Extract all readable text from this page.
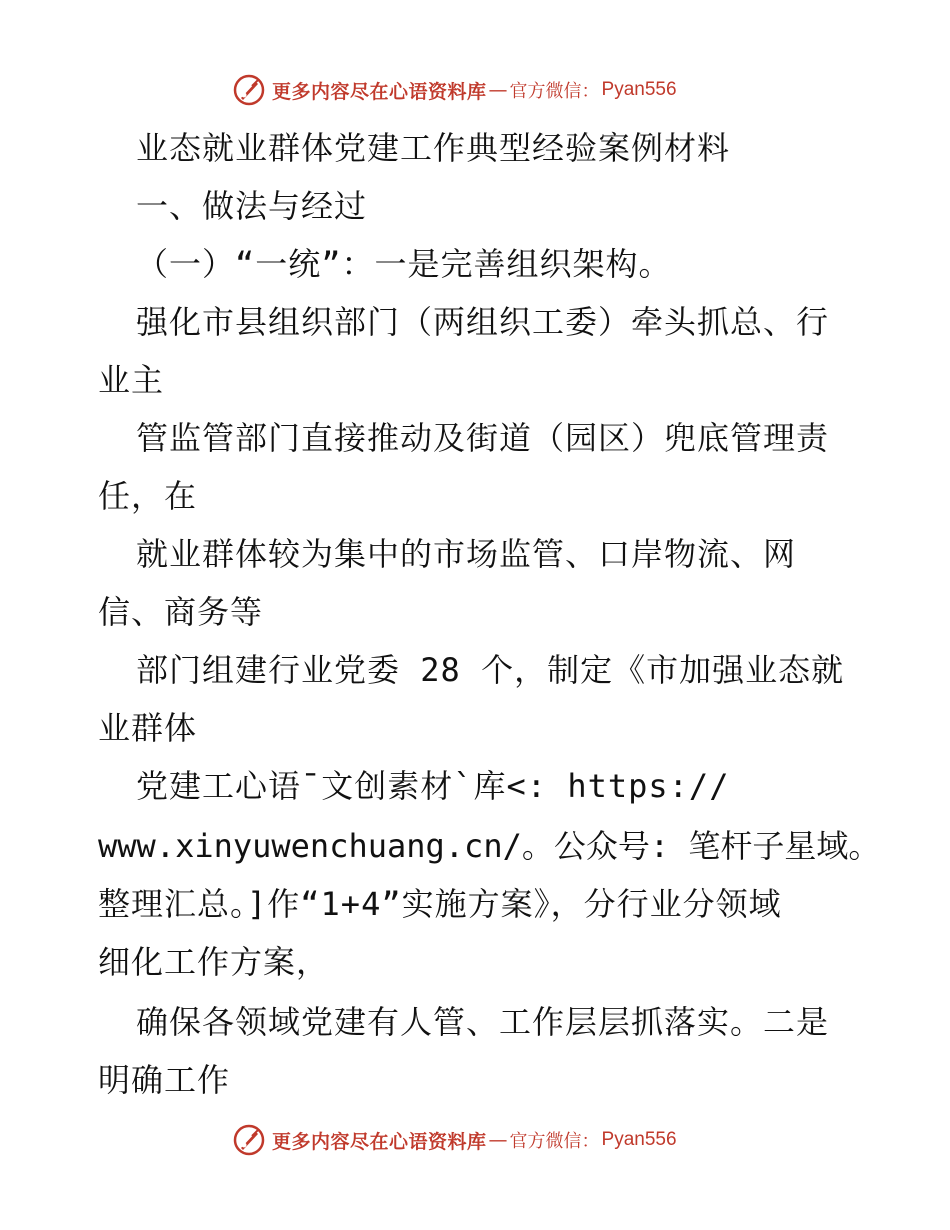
更多内容尽在心语资料库 — 官方微信： Pyan556
业态就业群体党建工作典型经验案例材料
一、做法与经过
（一）“一统”：一是完善组织架构。
强化市县组织部门（两组织工委）牵头抓总、行
业主
管监管部门直接推动及街道（园区）兜底管理责
任，在
就业群体较为集中的市场监管、口岸物流、网
信、商务等
部门组建行业党委 28 个，制定《市加强业态就
业群体
党建工心语¯文创素材`库<: https://
www.xinyuwenchuang.cn/。公众号: 笔杆子星域。
整理汇总。]作“1+4”实施方案》，分行业分领域
细化工作方案，
确保各领域党建有人管、工作层层抓落实。二是
明确工作
更多内容尽在心语资料库 — 官方微信： Pyan556
